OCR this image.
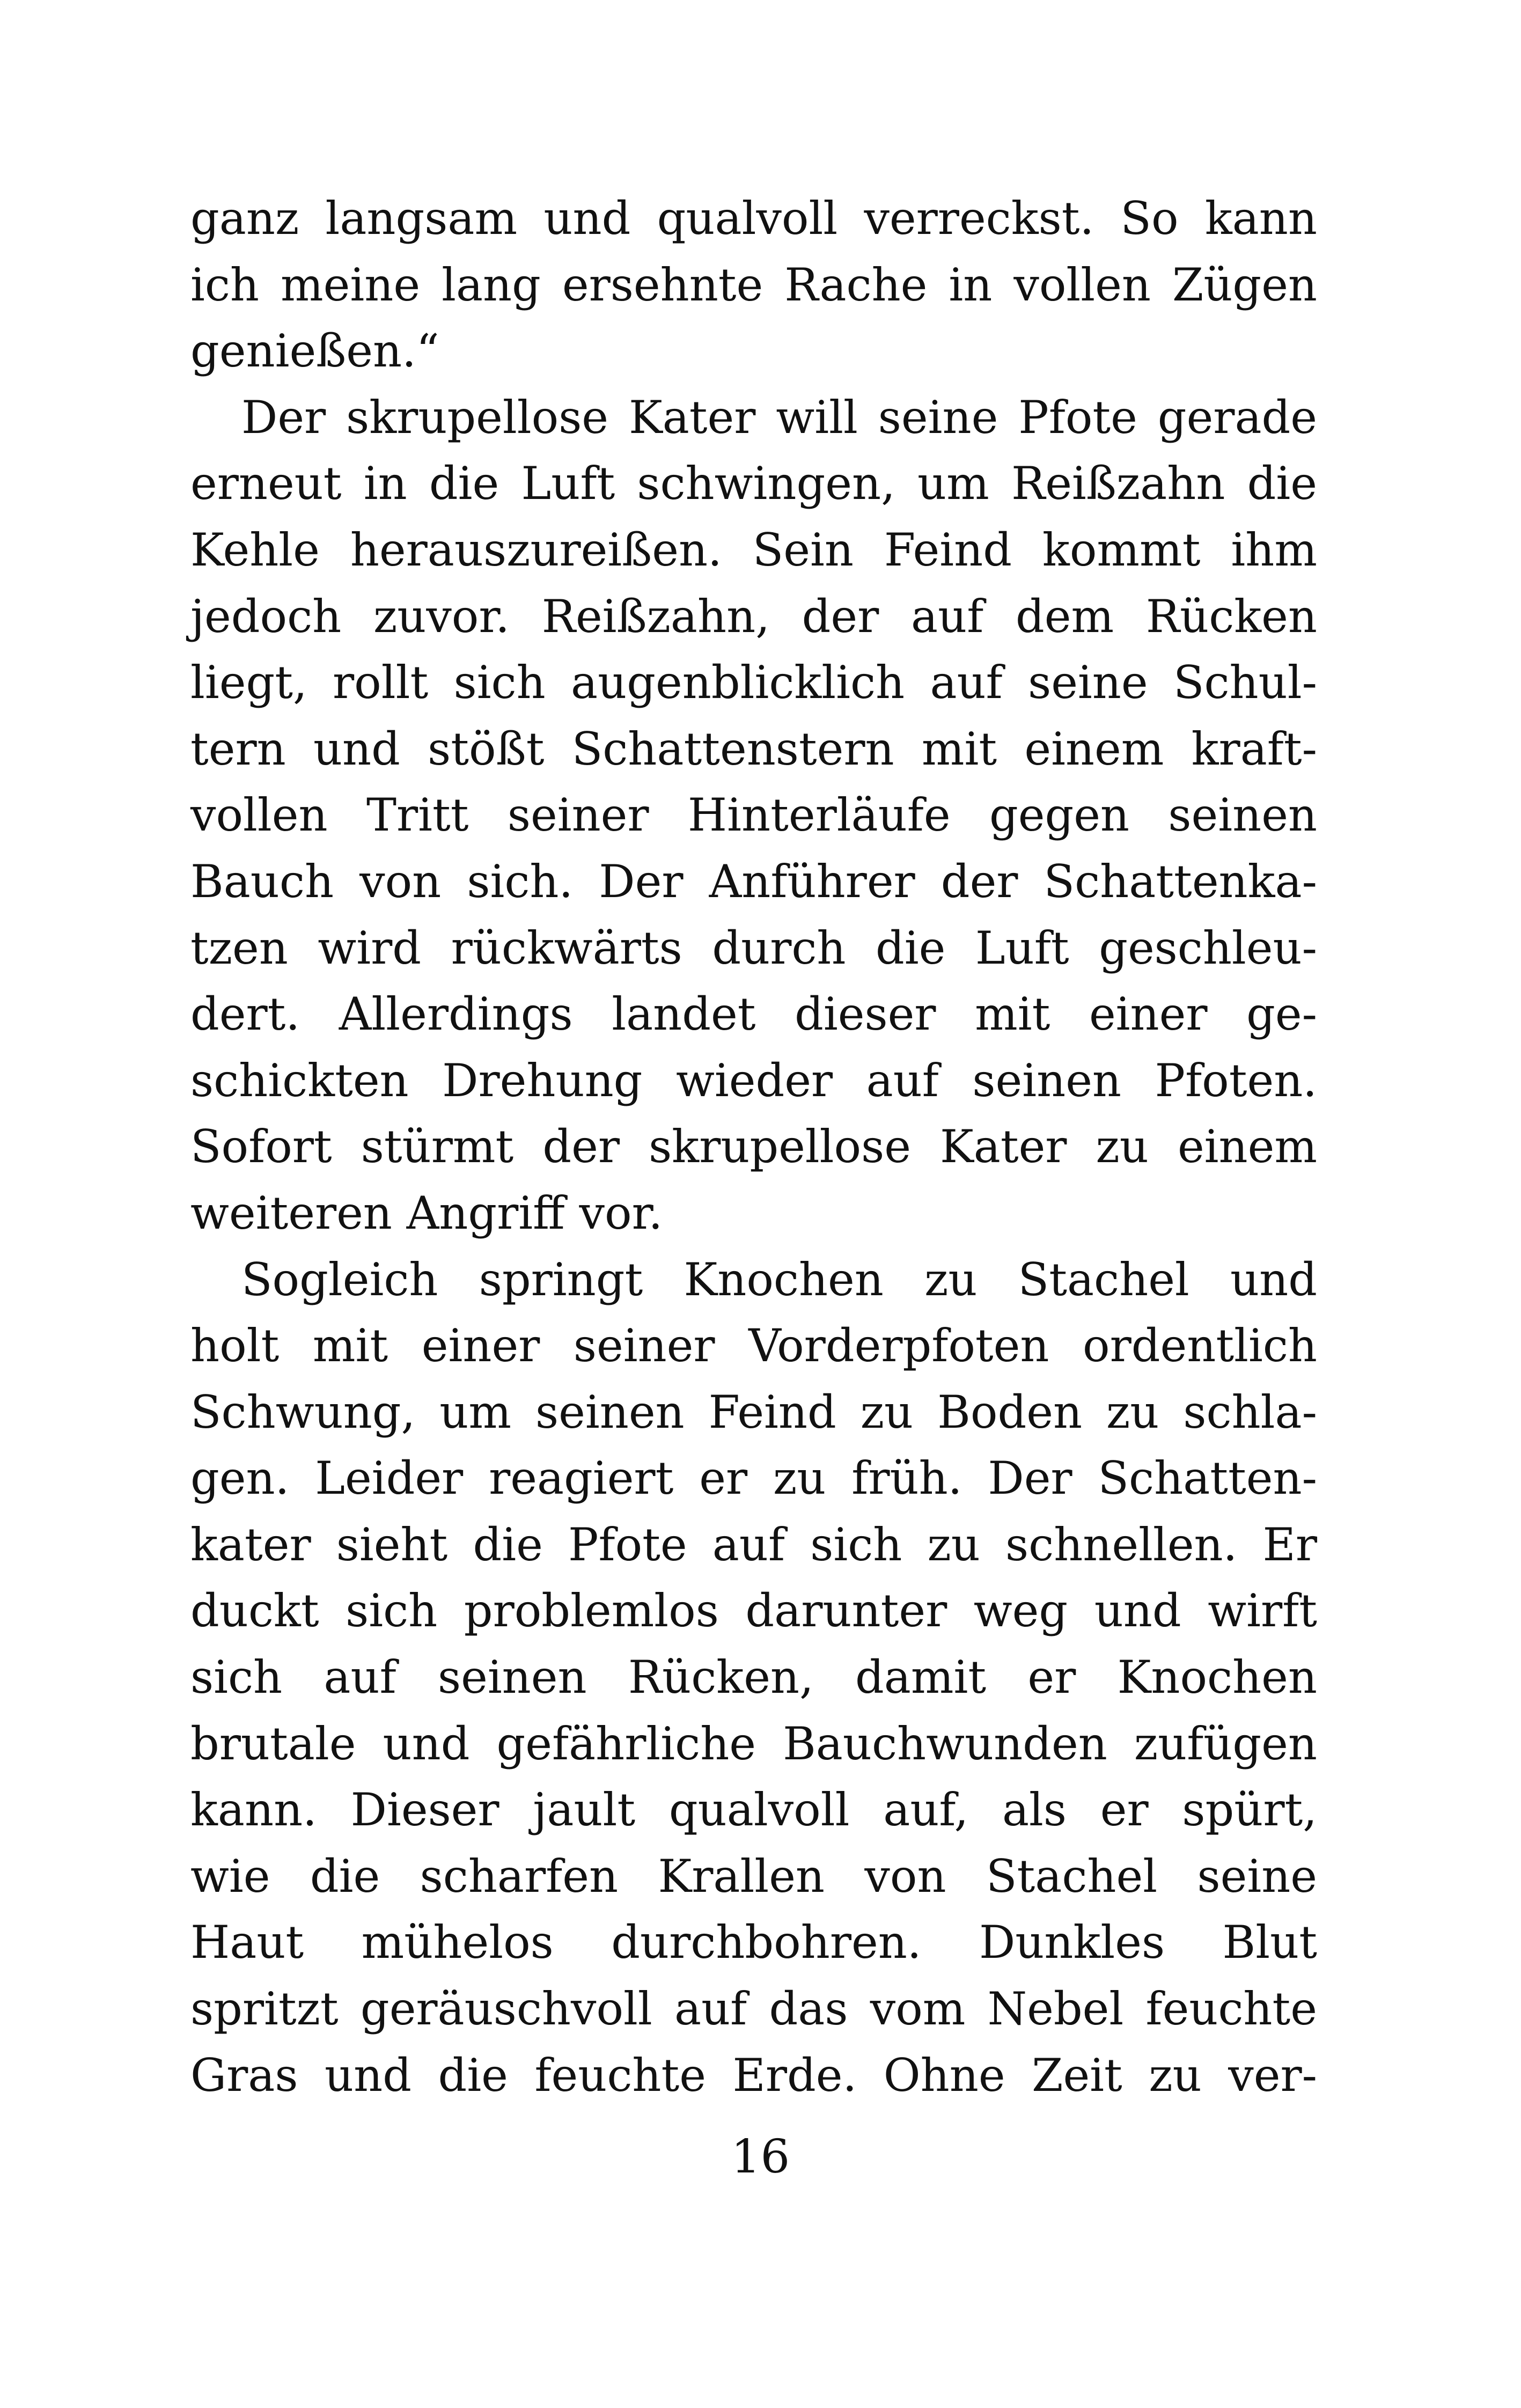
ganz langsam und qualvoll verreckst. So kann
ich meine lang ersehnte Rache in vollen Zügen
genießen.“
Der skrupellose Kater will seine Pfote gerade
erneut in die Luft schwingen, um Reißzahn die
Kehle herauszureißen. Sein Feind kommt ihm
jedoch zuvor. Reißzahn, der auf dem Rücken
liegt, rollt sich augenblicklich auf seine Schul-
tern und stößt Schattenstern mit einem kraft-
vollen Tritt seiner Hinterläufe gegen seinen
Bauch von sich. Der Anführer der Schattenka-
tzen wird rückwärts durch die Luft geschleu-
dert. Allerdings landet dieser mit einer ge-
schickten Drehung wieder auf seinen Pfoten.
Sofort stürmt der skrupellose Kater zu einem
weiteren Angriff vor.
Sogleich springt Knochen zu Stachel und
holt mit einer seiner Vorderpfoten ordentlich
Schwung, um seinen Feind zu Boden zu schla-
gen. Leider reagiert er zu früh. Der Schatten-
kater sieht die Pfote auf sich zu schnellen. Er
duckt sich problemlos darunter weg und wirft
sich auf seinen Rücken, damit er Knochen
brutale und gefährliche Bauchwunden zufügen
kann. Dieser jault qualvoll auf, als er spürt,
wie die scharfen Krallen von Stachel seine
Haut mühelos durchbohren. Dunkles Blut
spritzt geräuschvoll auf das vom Nebel feuchte
Gras und die feuchte Erde. Ohne Zeit zu ver-
16
